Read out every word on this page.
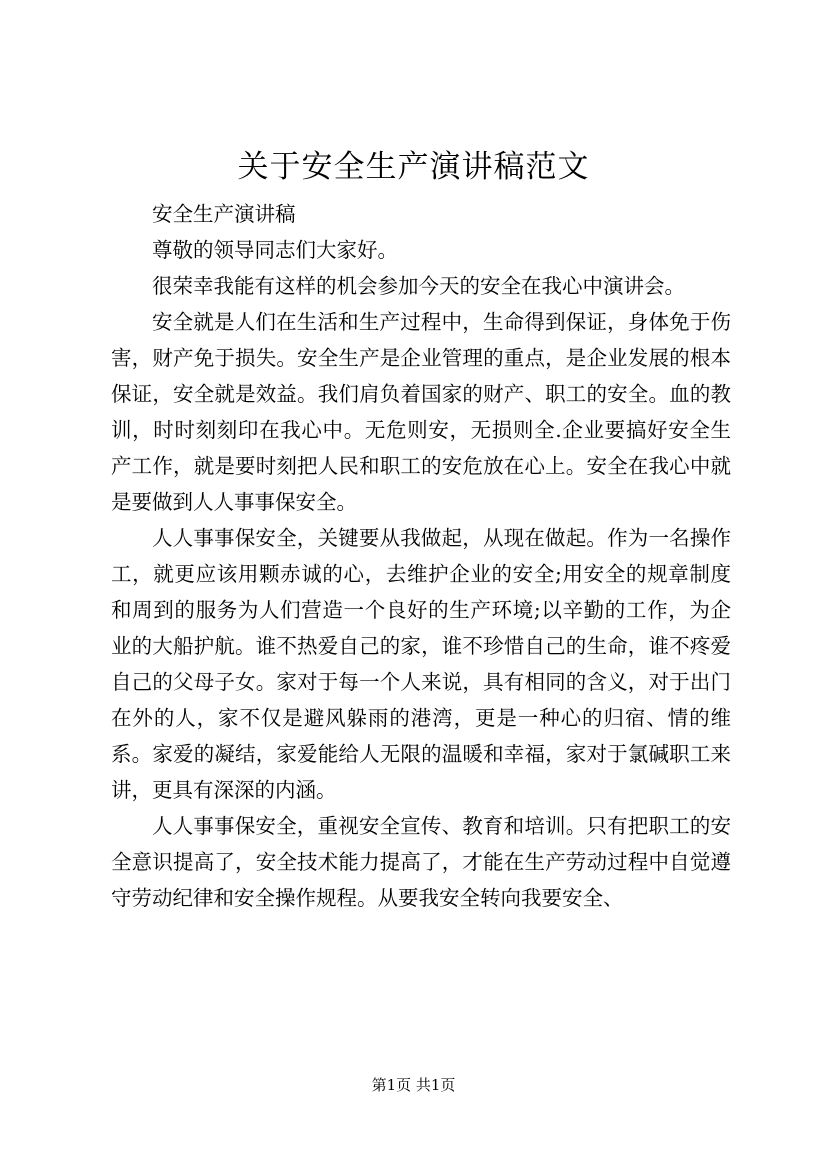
关于安全生产演讲稿范文

安全生产演讲稿

尊敬的领导同志们大家好。

很荣幸我能有这样的机会参加今天的安全在我心中演讲会。

安全就是人们在生活和生产过程中，生命得到保证，身体免于伤害，财产免于损失。安全生产是企业管理的重点，是企业发展的根本保证，安全就是效益。我们肩负着国家的财产、职工的安全。血的教训，时时刻刻印在我心中。无危则安，无损则全.企业要搞好安全生产工作，就是要时刻把人民和职工的安危放在心上。安全在我心中就是要做到人人事事保安全。

人人事事保安全，关键要从我做起，从现在做起。作为一名操作工，就更应该用颗赤诚的心，去维护企业的安全;用安全的规章制度和周到的服务为人们营造一个良好的生产环境;以辛勤的工作，为企业的大船护航。谁不热爱自己的家，谁不珍惜自己的生命，谁不疼爱自己的父母子女。家对于每一个人来说，具有相同的含义，对于出门在外的人，家不仅是避风躲雨的港湾，更是一种心的归宿、情的维系。家爱的凝结，家爱能给人无限的温暖和幸福，家对于氯碱职工来讲，更具有深深的内涵。

人人事事保安全，重视安全宣传、教育和培训。只有把职工的安全意识提高了，安全技术能力提高了，才能在生产劳动过程中自觉遵守劳动纪律和安全操作规程。从要我安全转向我要安全、

第1页 共1页
